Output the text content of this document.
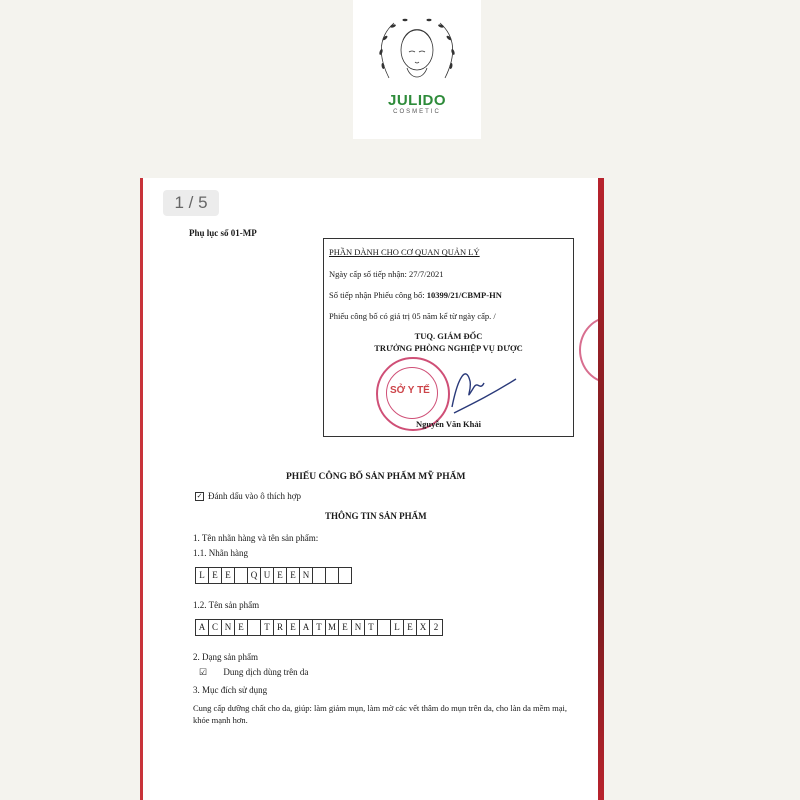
JULIDO
COSMETIC
1 / 5
Phụ lục số 01-MP
PHẦN DÀNH CHO CƠ QUAN QUẢN LÝ
Ngày cấp số tiếp nhận: 27/7/2021
Số tiếp nhận Phiếu công bố: 10399/21/CBMP-HN
Phiếu công bố có giá trị 05 năm kể từ ngày cấp. /
TUQ. GIÁM ĐỐC
TRƯỞNG PHÒNG NGHIỆP VỤ DƯỢC
SỞ Y TẾ
Nguyễn Văn Khải
PHIẾU CÔNG BỐ SẢN PHẨM MỸ PHẨM
✓ Đánh dấu vào ô thích hợp
THÔNG TIN SẢN PHẨM
1. Tên nhãn hàng và tên sản phẩm:
1.1. Nhãn hàng
L E E	Q U E E N
1.2. Tên sản phẩm
A C N E	T R E A T M E N T	L E X 2
2. Dạng sản phẩm
☑ Dung dịch dùng trên da
3. Mục đích sử dụng
Cung cấp dưỡng chất cho da, giúp: làm giảm mụn, làm mờ các vết thâm do mụn trên da, cho làn da mềm mại, khỏe mạnh hơn.
